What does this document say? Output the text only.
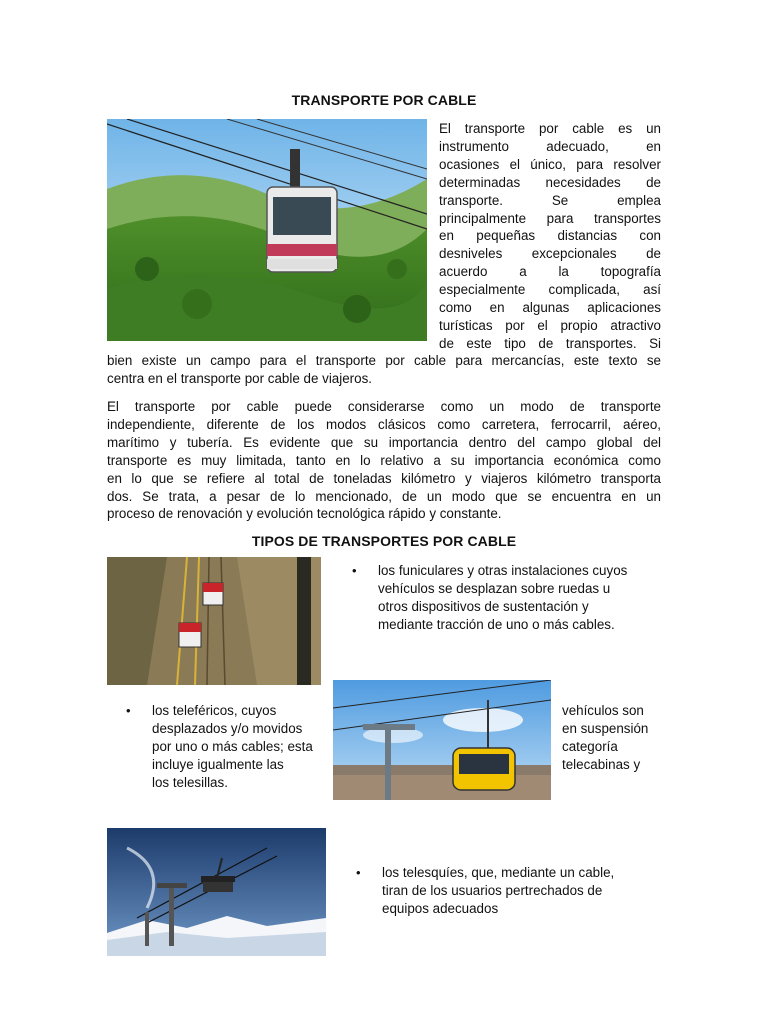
TRANSPORTE POR CABLE
El transporte por cable es un
instrumento adecuado, en
ocasiones el único, para resolver
determinadas necesidades de
transporte. Se emplea
principalmente para transportes
en pequeñas distancias con
desniveles excepcionales de
acuerdo a la topografía
especialmente complicada, así
como en algunas aplicaciones
turísticas por el propio atractivo
de este tipo de transportes. Si
bien existe un campo para el transporte por cable para mercancías, este texto se
centra en el transporte por cable de viajeros.
El transporte por cable puede considerarse como un modo de transporte
independiente, diferente de los modos clásicos como carretera, ferrocarril, aéreo,
marítimo y tubería. Es evidente que su importancia dentro del campo global del
transporte es muy limitada, tanto en lo relativo a su importancia económica como
en lo que se refiere al total de toneladas kilómetro y viajeros kilómetro transporta
dos. Se trata, a pesar de lo mencionado, de un modo que se encuentra en un
proceso de renovación y evolución tecnológica rápido y constante.
TIPOS DE TRANSPORTES POR CABLE
• los funiculares y otras instalaciones cuyos
vehículos se desplazan sobre ruedas u
otros dispositivos de sustentación y
mediante tracción de uno o más cables.
• los teleféricos, cuyos
desplazados y/o movidos
por uno o más cables; esta
incluye igualmente las
los telesillas.
vehículos son
en suspensión
categoría
telecabinas y
• los telesquíes, que, mediante un cable,
tiran de los usuarios pertrechados de
equipos adecuados
